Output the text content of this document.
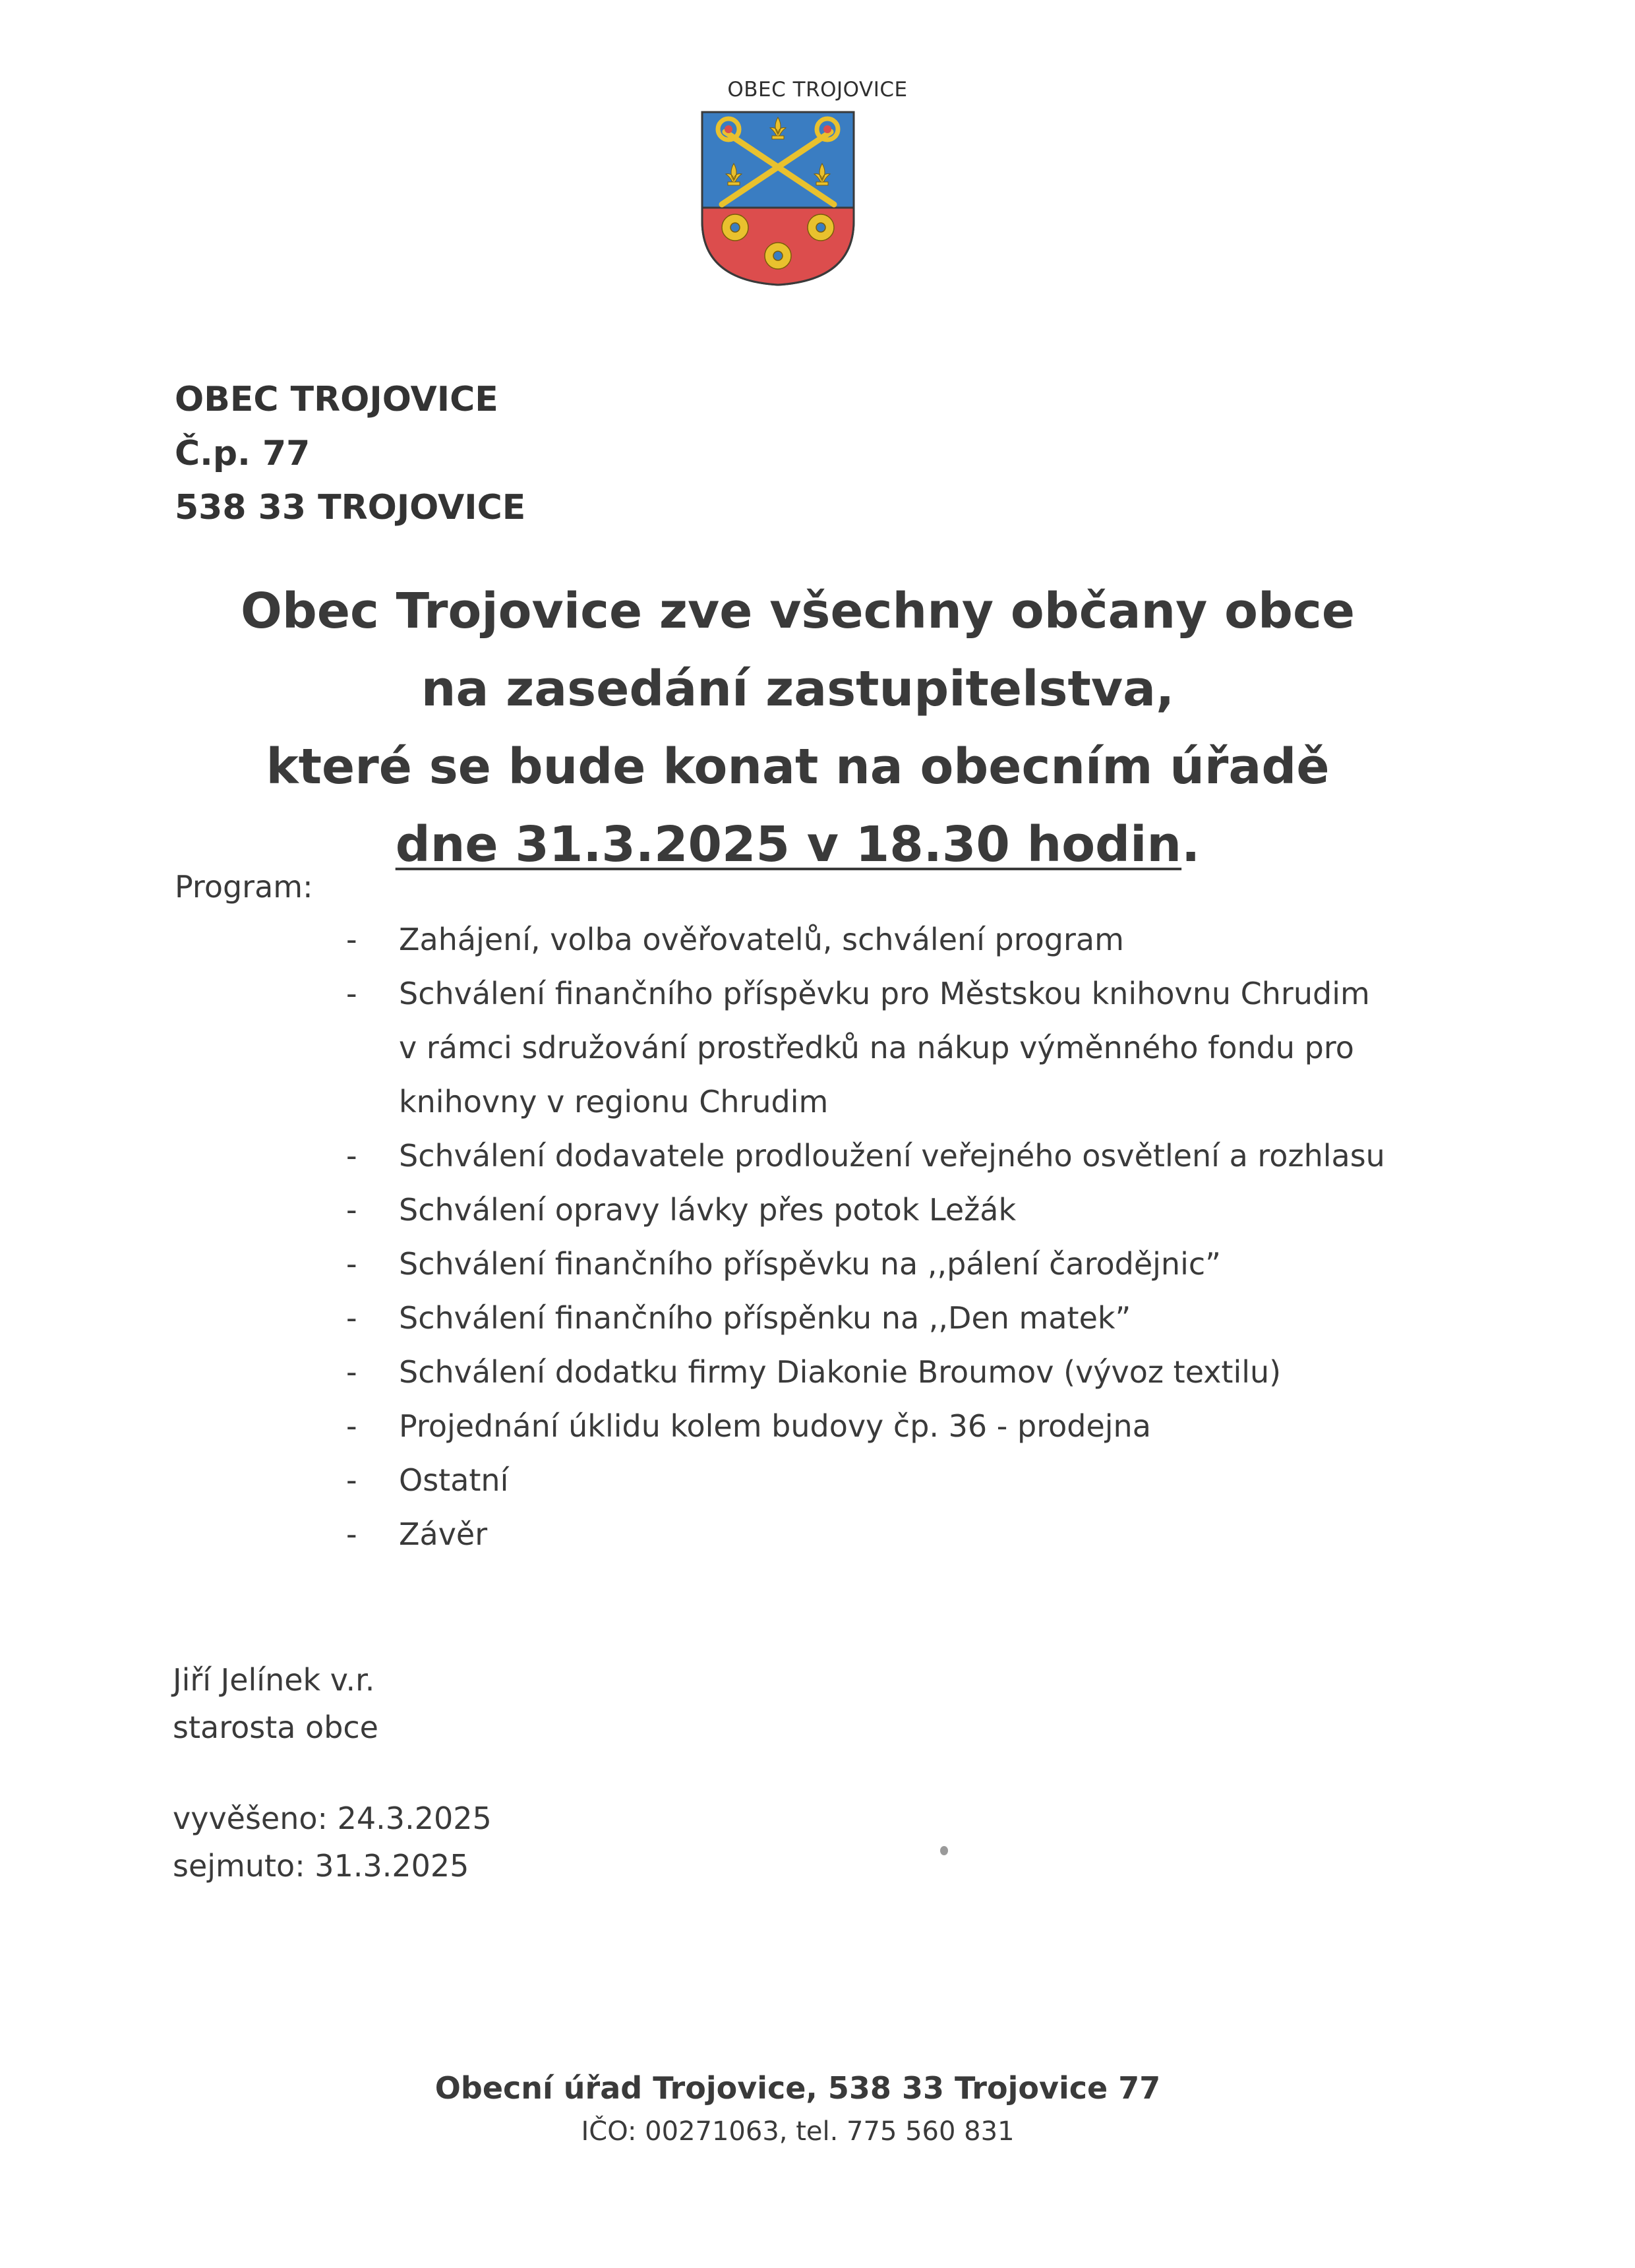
OBEC TROJOVICE
OBEC TROJOVICE
Č.p. 77
538 33 TROJOVICE
Obec Trojovice zve všechny občany obce
na zasedání zastupitelstva,
které se bude konat na obecním úřadě
dne 31.3.2025 v 18.30 hodin.
Program:
- Zahájení, volba ověřovatelů, schválení program
- Schválení finančního příspěvku pro Městskou knihovnu Chrudim
v rámci sdružování prostředků na nákup výměnného fondu pro
knihovny v regionu Chrudim
- Schválení dodavatele prodloužení veřejného osvětlení a rozhlasu
- Schválení opravy lávky přes potok Ležák
- Schválení finančního příspěvku na ,,pálení čarodějnic”
- Schválení finančního příspěnku na ,,Den matek”
- Schválení dodatku firmy Diakonie Broumov (vývoz textilu)
- Projednání úklidu kolem budovy čp. 36 - prodejna
- Ostatní
- Závěr
Jiří Jelínek v.r.
starosta obce
vyvěšeno: 24.3.2025
sejmuto: 31.3.2025
Obecní úřad Trojovice, 538 33 Trojovice 77
IČO: 00271063, tel. 775 560 831
